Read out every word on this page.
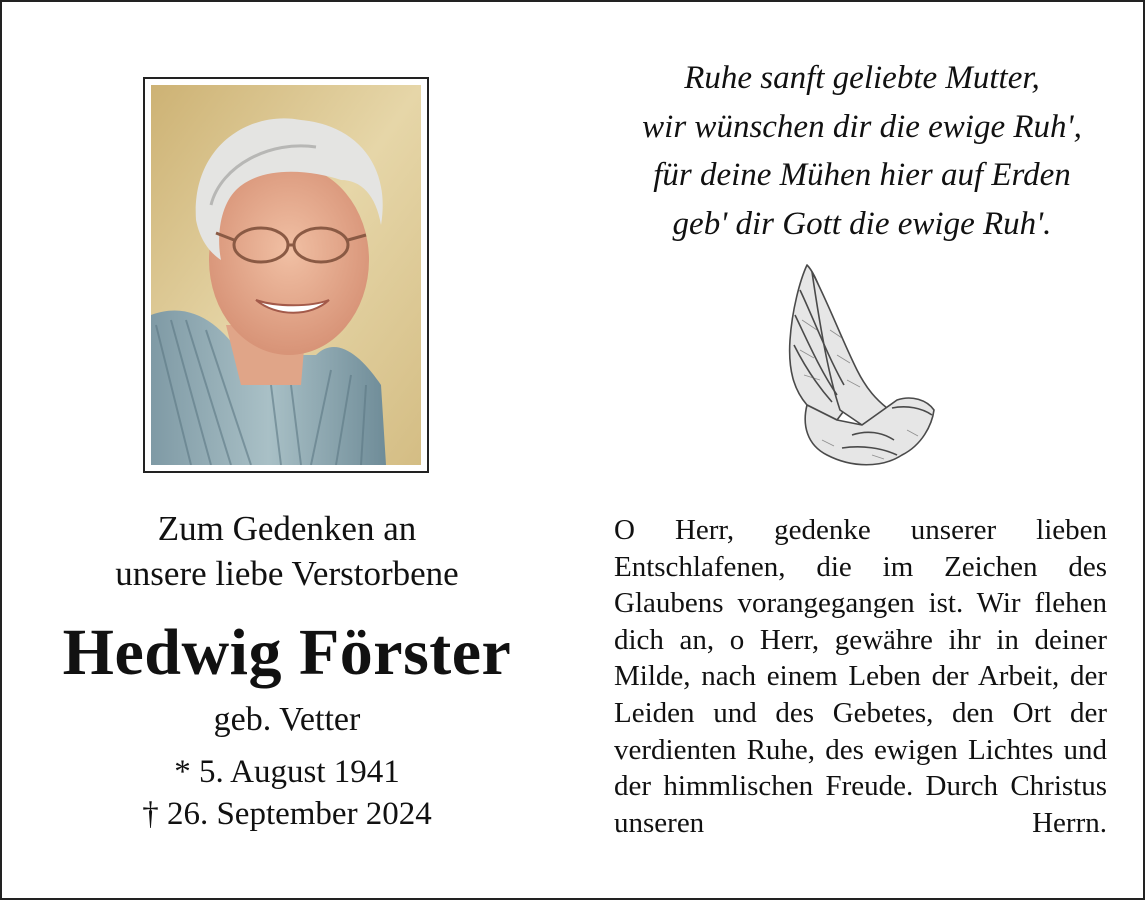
Zum Gedenken an
unsere liebe Verstorbene
Hedwig Förster
geb. Vetter
* 5. August 1941
† 26. September 2024
Ruhe sanft geliebte Mutter,
wir wünschen dir die ewige Ruh',
für deine Mühen hier auf Erden
geb' dir Gott die ewige Ruh'.
O Herr, gedenke unserer lieben Entschlafenen, die im Zeichen des Glaubens vorangegangen ist. Wir flehen dich an, o Herr, gewähre ihr in deiner Milde, nach einem Leben der Arbeit, der Leiden und des Gebetes, den Ort der verdienten Ruhe, des ewigen Lichtes und der himmlischen Freude. Durch Christus unseren Herrn.
